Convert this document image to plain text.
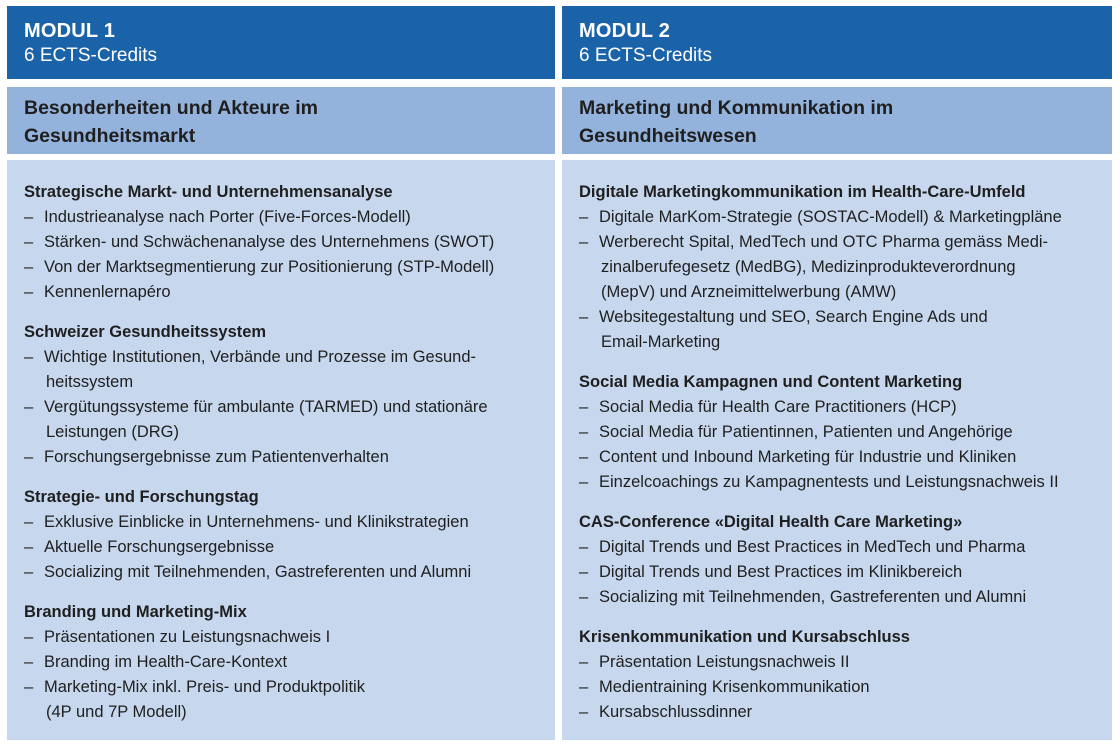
MODUL 1
6 ECTS-Credits
Besonderheiten und Akteure im
Gesundheitsmarkt
Strategische Markt- und Unternehmensanalyse
– Industrieanalyse nach Porter (Five-Forces-Modell)
– Stärken- und Schwächenanalyse des Unternehmens (SWOT)
– Von der Marktsegmentierung zur Positionierung (STP-Modell)
– Kennenlernapéro
Schweizer Gesundheitssystem
– Wichtige Institutionen, Verbände und Prozesse im Gesund-
heitssystem
– Vergütungssysteme für ambulante (TARMED) und stationäre
Leistungen (DRG)
– Forschungsergebnisse zum Patientenverhalten
Strategie- und Forschungstag
– Exklusive Einblicke in Unternehmens- und Klinikstrategien
– Aktuelle Forschungsergebnisse
– Socializing mit Teilnehmenden, Gastreferenten und Alumni
Branding und Marketing-Mix
– Präsentationen zu Leistungsnachweis I
– Branding im Health-Care-Kontext
– Marketing-Mix inkl. Preis- und Produktpolitik
(4P und 7P Modell)
MODUL 2
6 ECTS-Credits
Marketing und Kommunikation im
Gesundheitswesen
Digitale Marketingkommunikation im Health-Care-Umfeld
– Digitale MarKom-Strategie (SOSTAC-Modell) & Marketingpläne
– Werberecht Spital, MedTech und OTC Pharma gemäss Medi-
zinalberufegesetz (MedBG), Medizinprodukteverordnung
(MepV) und Arzneimittelwerbung (AMW)
– Websitegestaltung und SEO, Search Engine Ads und
Email-Marketing
Social Media Kampagnen und Content Marketing
– Social Media für Health Care Practitioners (HCP)
– Social Media für Patientinnen, Patienten und Angehörige
– Content und Inbound Marketing für Industrie und Kliniken
– Einzelcoachings zu Kampagnentests und Leistungsnachweis II
CAS-Conference «Digital Health Care Marketing»
– Digital Trends und Best Practices in MedTech und Pharma
– Digital Trends und Best Practices im Klinikbereich
– Socializing mit Teilnehmenden, Gastreferenten und Alumni
Krisenkommunikation und Kursabschluss
– Präsentation Leistungsnachweis II
– Medientraining Krisenkommunikation
– Kursabschlussdinner
